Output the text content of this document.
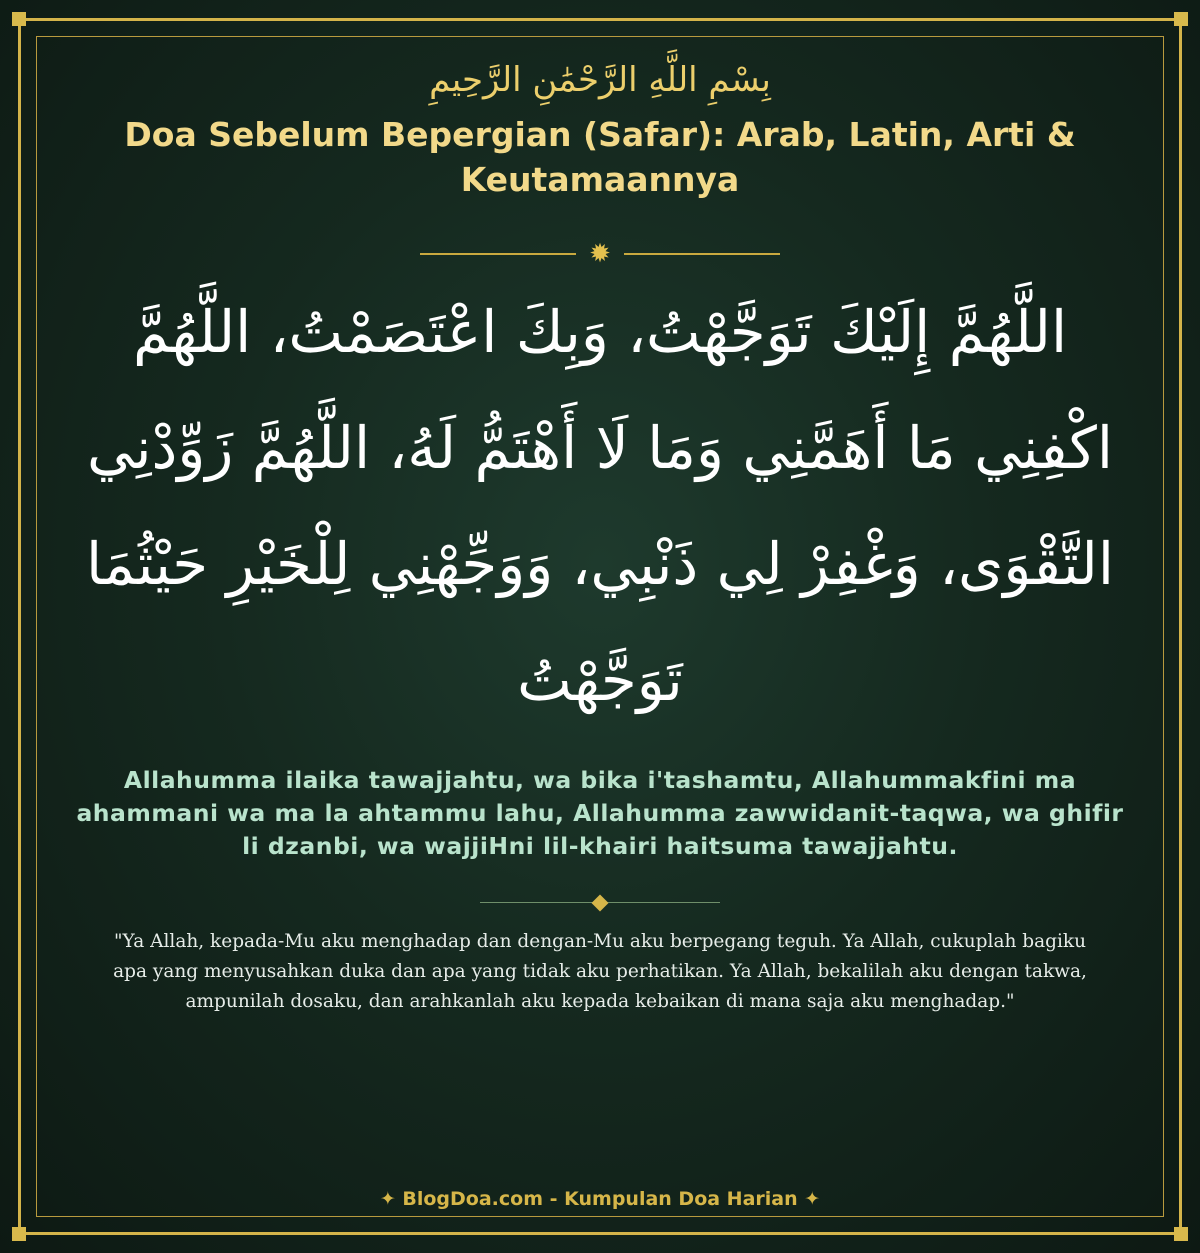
بِسْمِ اللَّهِ الرَّحْمَٰنِ الرَّحِيمِ

Doa Sebelum Bepergian (Safar): Arab, Latin, Arti & Keutamaannya
✹
اللَّهُمَّ إِلَيْكَ تَوَجَّهْتُ، وَبِكَ اعْتَصَمْتُ، اللَّهُمَّ اكْفِنِي مَا أَهَمَّنِي وَمَا لَا أَهْتَمُّ لَهُ، اللَّهُمَّ زَوِّدْنِي التَّقْوَى، وَغْفِرْ لِي ذَنْبِي، وَوَجِّهْنِي لِلْخَيْرِ حَيْثُمَا تَوَجَّهْتُ
Allahumma ilaika tawajjahtu, wa bika i'tashamtu, Allahummakfini ma ahammani wa ma la ahtammu lahu, Allahumma zawwidanit-taqwa, wa ghifir li dzanbi, wa wajjiHni lil-khairi haitsuma tawajjahtu.
"Ya Allah, kepada-Mu aku menghadap dan dengan-Mu aku berpegang teguh. Ya Allah, cukuplah bagiku apa yang menyusahkan duka dan apa yang tidak aku perhatikan. Ya Allah, bekalilah aku dengan takwa, ampunilah dosaku, dan arahkanlah aku kepada kebaikan di mana saja aku menghadap."
✦ BlogDoa.com - Kumpulan Doa Harian ✦
